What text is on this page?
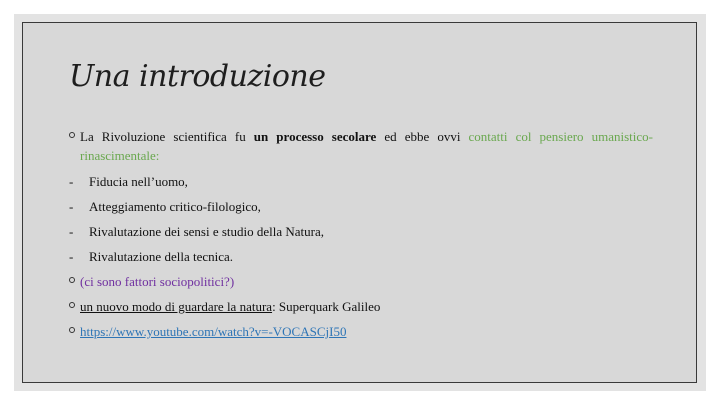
Una introduzione
La Rivoluzione scientifica fu un processo secolare ed ebbe ovvi contatti col pensiero umanistico-rinascimentale:
- Fiducia nell’uomo,
- Atteggiamento critico-filologico,
- Rivalutazione dei sensi e studio della Natura,
- Rivalutazione della tecnica.
(ci sono fattori sociopolitici?)
un nuovo modo di guardare la natura: Superquark Galileo
https://www.youtube.com/watch?v=-VOCASCjI50
